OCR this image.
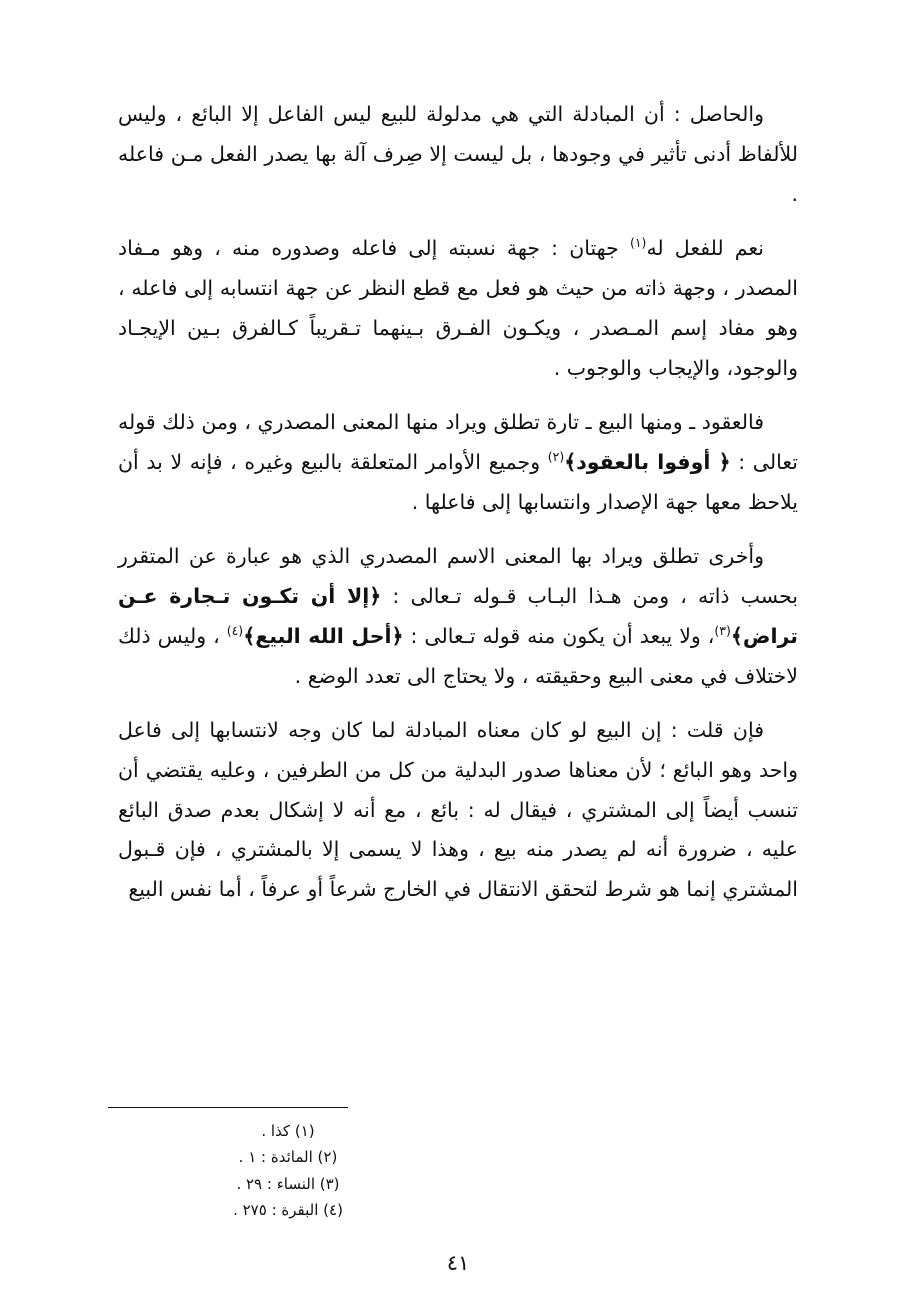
والحاصل : أن المبادلة التي هي مدلولة للبيع ليس الفاعل إلا البائع ، وليس للألفاظ أدنى تأثير في وجودها ، بل ليست إلا صِرف آلة بها يصدر الفعل مـن فاعله .

نعم للفعل له$^{(١)}$ جهتان : جهة نسبته إلى فاعله وصدوره منه ، وهو مـفاد المصدر ، وجهة ذاته من حيث هو فعل مع قطع النظر عن جهة انتسابه إلى فاعله ، وهو مفاد إسم المـصدر ، ويكـون الفـرق بـينهما تـقريباً كـالفرق بـين الإيجـاد والوجود، والإيجاب والوجوب .

فالعقود ـ ومنها البيع ـ تارة تطلق ويراد منها المعنى المصدري ، ومن ذلك قوله تعالى : ﴿ أوفوا بالعقود﴾$^{(٢)}$ وجميع الأوامر المتعلقة بالبيع وغيره ، فإنه لا بد أن يلاحظ معها جهة الإصدار وانتسابها إلى فاعلها .

وأخرى تطلق ويراد بها المعنى الاسم المصدري الذي هو عبارة عن المتقرر بحسب ذاته ، ومن هـذا البـاب قـوله تـعالى : ﴿إلا أن تكـون تـجارة عـن تراض﴾$^{(٣)}$، ولا يبعد أن يكون منه قوله تـعالى : ﴿أحل الله البيع﴾$^{(٤)}$ ، وليس ذلك لاختلاف في معنى البيع وحقيقته ، ولا يحتاج الى تعدد الوضع .

فإن قلت : إن البيع لو كان معناه المبادلة لما كان وجه لانتسابها إلى فاعل واحد وهو البائع ؛ لأن معناها صدور البدلية من كل من الطرفين ، وعليه يقتضي أن تنسب أيضاً إلى المشتري ، فيقال له : بائع ، مع أنه لا إشكال بعدم صدق البائع عليه ، ضرورة أنه لم يصدر منه بيع ، وهذا لا يسمى إلا بالمشتري ، فإن قـبول المشتري إنما هو شرط لتحقق الانتقال في الخارج شرعاً أو عرفاً ، أما نفس البيع

(١) كذا .
(٢) المائدة : ١ .
(٣) النساء : ٢٩ .
(٤) البقرة : ٢٧٥ .
٤١
